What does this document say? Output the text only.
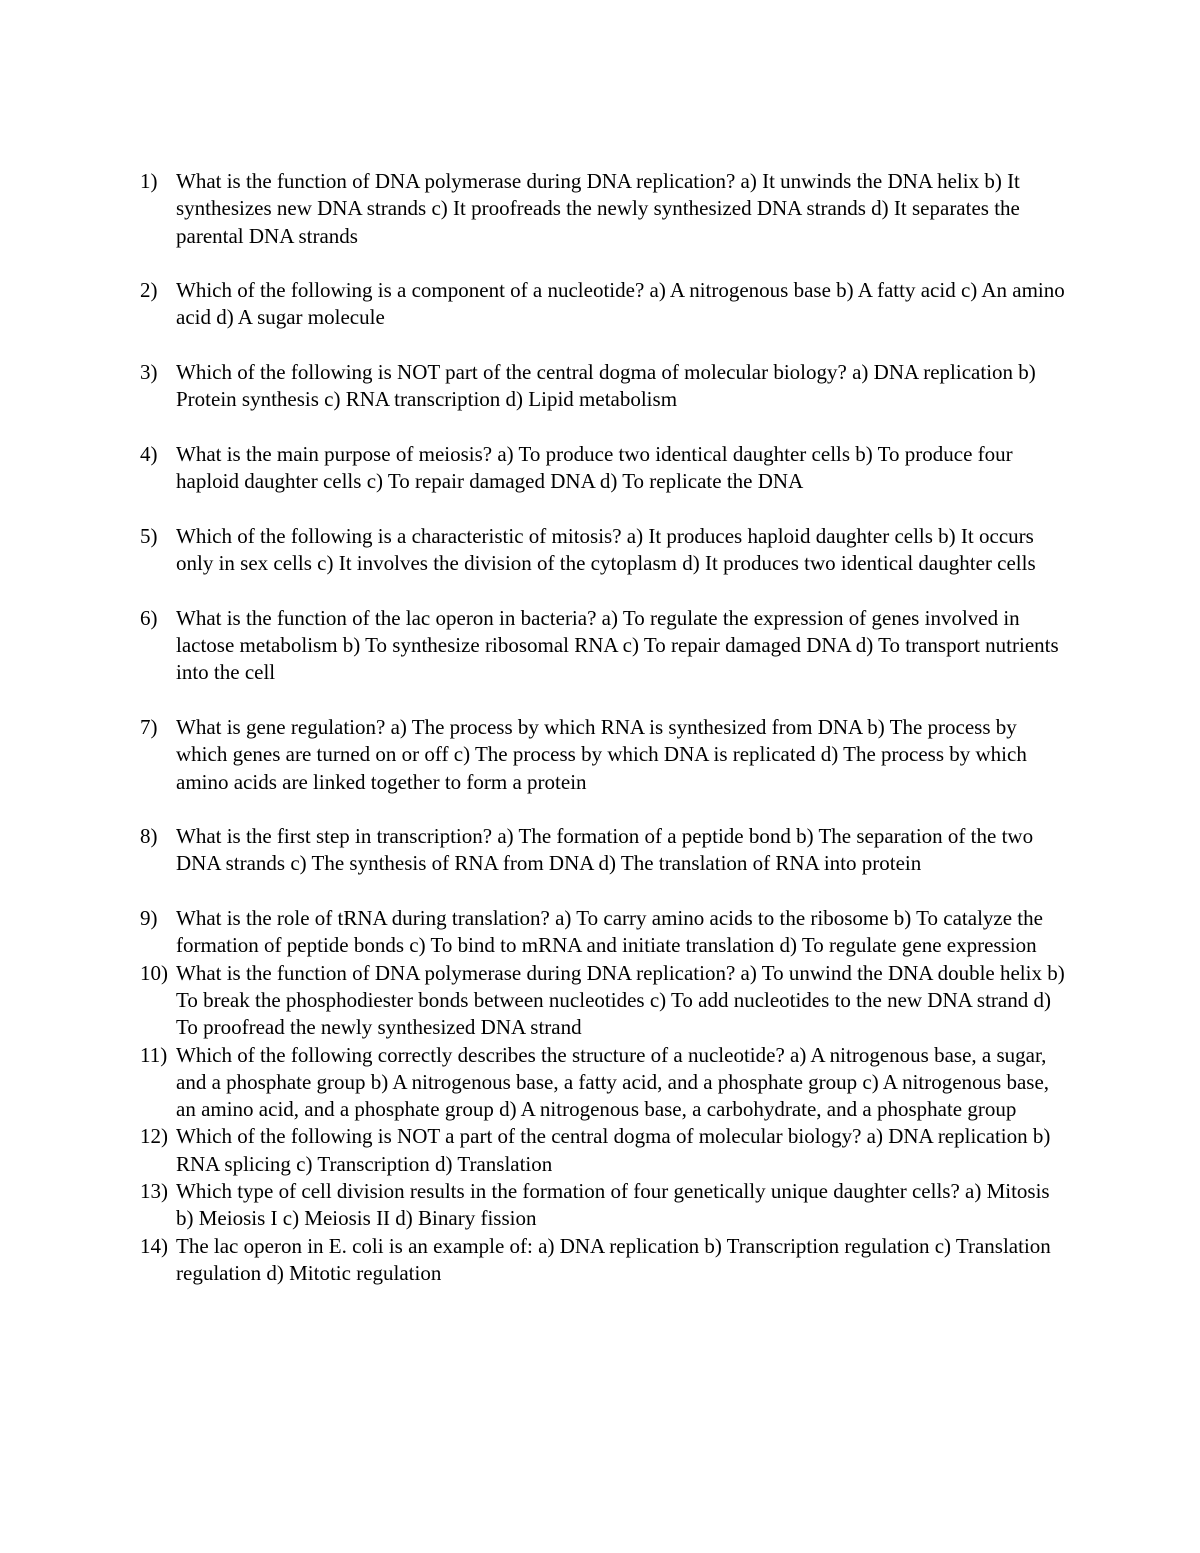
1) What is the function of DNA polymerase during DNA replication? a) It unwinds the DNA helix b) It synthesizes new DNA strands c) It proofreads the newly synthesized DNA strands d) It separates the parental DNA strands
2) Which of the following is a component of a nucleotide? a) A nitrogenous base b) A fatty acid c) An amino acid d) A sugar molecule
3) Which of the following is NOT part of the central dogma of molecular biology? a) DNA replication b) Protein synthesis c) RNA transcription d) Lipid metabolism
4) What is the main purpose of meiosis? a) To produce two identical daughter cells b) To produce four haploid daughter cells c) To repair damaged DNA d) To replicate the DNA
5) Which of the following is a characteristic of mitosis? a) It produces haploid daughter cells b) It occurs only in sex cells c) It involves the division of the cytoplasm d) It produces two identical daughter cells
6) What is the function of the lac operon in bacteria? a) To regulate the expression of genes involved in lactose metabolism b) To synthesize ribosomal RNA c) To repair damaged DNA d) To transport nutrients into the cell
7) What is gene regulation? a) The process by which RNA is synthesized from DNA b) The process by which genes are turned on or off c) The process by which DNA is replicated d) The process by which amino acids are linked together to form a protein
8) What is the first step in transcription? a) The formation of a peptide bond b) The separation of the two DNA strands c) The synthesis of RNA from DNA d) The translation of RNA into protein
9) What is the role of tRNA during translation? a) To carry amino acids to the ribosome b) To catalyze the formation of peptide bonds c) To bind to mRNA and initiate translation d) To regulate gene expression
10) What is the function of DNA polymerase during DNA replication? a) To unwind the DNA double helix b) To break the phosphodiester bonds between nucleotides c) To add nucleotides to the new DNA strand d) To proofread the newly synthesized DNA strand
11) Which of the following correctly describes the structure of a nucleotide? a) A nitrogenous base, a sugar, and a phosphate group b) A nitrogenous base, a fatty acid, and a phosphate group c) A nitrogenous base, an amino acid, and a phosphate group d) A nitrogenous base, a carbohydrate, and a phosphate group
12) Which of the following is NOT a part of the central dogma of molecular biology? a) DNA replication b) RNA splicing c) Transcription d) Translation
13) Which type of cell division results in the formation of four genetically unique daughter cells? a) Mitosis b) Meiosis I c) Meiosis II d) Binary fission
14) The lac operon in E. coli is an example of: a) DNA replication b) Transcription regulation c) Translation regulation d) Mitotic regulation
